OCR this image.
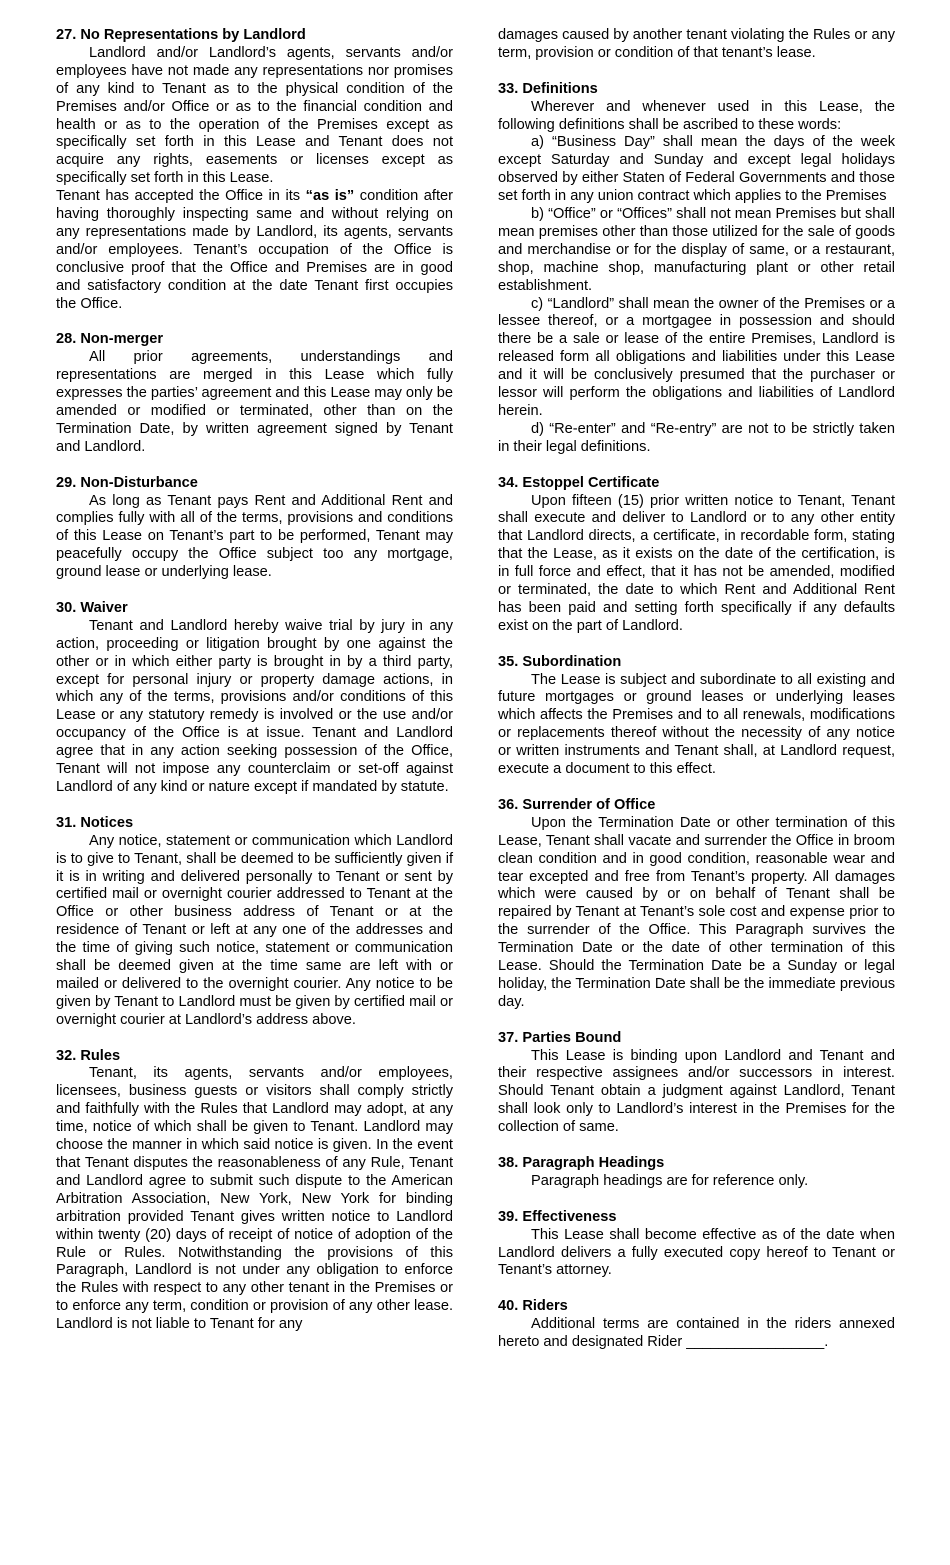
27. No Representations by Landlord

Landlord and/or Landlord’s agents, servants and/or employees have not made any representations nor promises of any kind to Tenant as to the physical condition of the Premises and/or Office or as to the financial condition and health or as to the operation of the Premises except as specifically set forth in this Lease and Tenant does not acquire any rights, easements or licenses except as specifically set forth in this Lease.

Tenant has accepted the Office in its “as is” condition after having thoroughly inspecting same and without relying on any representations made by Landlord, its agents, servants and/or employees. Tenant’s occupation of the Office is conclusive proof that the Office and Premises are in good and satisfactory condition at the date Tenant first occupies the Office.

28. Non-merger

All prior agreements, understandings and representations are merged in this Lease which fully expresses the parties’ agreement and this Lease may only be amended or modified or terminated, other than on the Termination Date, by written agreement signed by Tenant and Landlord.

29. Non-Disturbance

As long as Tenant pays Rent and Additional Rent and complies fully with all of the terms, provisions and conditions of this Lease on Tenant’s part to be performed, Tenant may peacefully occupy the Office subject too any mortgage, ground lease or underlying lease.

30. Waiver

Tenant and Landlord hereby waive trial by jury in any action, proceeding or litigation brought by one against the other or in which either party is brought in by a third party, except for personal injury or property damage actions, in which any of the terms, provisions and/or conditions of this Lease or any statutory remedy is involved or the use and/or occupancy of the Office is at issue. Tenant and Landlord agree that in any action seeking possession of the Office, Tenant will not impose any counterclaim or set-off against Landlord of any kind or nature except if mandated by statute.

31. Notices

Any notice, statement or communication which Landlord is to give to Tenant, shall be deemed to be sufficiently given if it is in writing and delivered personally to Tenant or sent by certified mail or overnight courier addressed to Tenant at the Office or other business address of Tenant or at the residence of Tenant or left at any one of the addresses and the time of giving such notice, statement or communication shall be deemed given at the time same are left with or mailed or delivered to the overnight courier. Any notice to be given by Tenant to Landlord must be given by certified mail or overnight courier at Landlord’s address above.

32. Rules

Tenant, its agents, servants and/or employees, licensees, business guests or visitors shall comply strictly and faithfully with the Rules that Landlord may adopt, at any time, notice of which shall be given to Tenant. Landlord may choose the manner in which said notice is given. In the event that Tenant disputes the reasonableness of any Rule, Tenant and Landlord agree to submit such dispute to the American Arbitration Association, New York, New York for binding arbitration provided Tenant gives written notice to Landlord within twenty (20) days of receipt of notice of adoption of the Rule or Rules. Notwithstanding the provisions of this Paragraph, Landlord is not under any obligation to enforce the Rules with respect to any other tenant in the Premises or to enforce any term, condition or provision of any other lease. Landlord is not liable to Tenant for any

damages caused by another tenant violating the Rules or any term, provision or condition of that tenant’s lease.

33. Definitions

Wherever and whenever used in this Lease, the following definitions shall be ascribed to these words:

a) “Business Day” shall mean the days of the week except Saturday and Sunday and except legal holidays observed by either Staten of Federal Governments and those set forth in any union contract which applies to the Premises

b) “Office” or “Offices” shall not mean Premises but shall mean premises other than those utilized for the sale of goods and merchandise or for the display of same, or a restaurant, shop, machine shop, manufacturing plant or other retail establishment.

c) “Landlord” shall mean the owner of the Premises or a lessee thereof, or a mortgagee in possession and should there be a sale or lease of the entire Premises, Landlord is released form all obligations and liabilities under this Lease and it will be conclusively presumed that the purchaser or lessor will perform the obligations and liabilities of Landlord herein.

d) “Re-enter” and “Re-entry” are not to be strictly taken in their legal definitions.

34. Estoppel Certificate

Upon fifteen (15) prior written notice to Tenant, Tenant shall execute and deliver to Landlord or to any other entity that Landlord directs, a certificate, in recordable form, stating that the Lease, as it exists on the date of the certification, is in full force and effect, that it has not be amended, modified or terminated, the date to which Rent and Additional Rent has been paid and setting forth specifically if any defaults exist on the part of Landlord.

35. Subordination

The Lease is subject and subordinate to all existing and future mortgages or ground leases or underlying leases which affects the Premises and to all renewals, modifications or replacements thereof without the necessity of any notice or written instruments and Tenant shall, at Landlord request, execute a document to this effect.

36. Surrender of Office

Upon the Termination Date or other termination of this Lease, Tenant shall vacate and surrender the Office in broom clean condition and in good condition, reasonable wear and tear excepted and free from Tenant’s property. All damages which were caused by or on behalf of Tenant shall be repaired by Tenant at Tenant’s sole cost and expense prior to the surrender of the Office. This Paragraph survives the Termination Date or the date of other termination of this Lease. Should the Termination Date be a Sunday or legal holiday, the Termination Date shall be the immediate previous day.

37. Parties Bound

This Lease is binding upon Landlord and Tenant and their respective assignees and/or successors in interest. Should Tenant obtain a judgment against Landlord, Tenant shall look only to Landlord’s interest in the Premises for the collection of same.

38. Paragraph Headings

Paragraph headings are for reference only.

39. Effectiveness

This Lease shall become effective as of the date when Landlord delivers a fully executed copy hereof to Tenant or Tenant’s attorney.

40. Riders

Additional terms are contained in the riders annexed hereto and designated Rider _________________.
